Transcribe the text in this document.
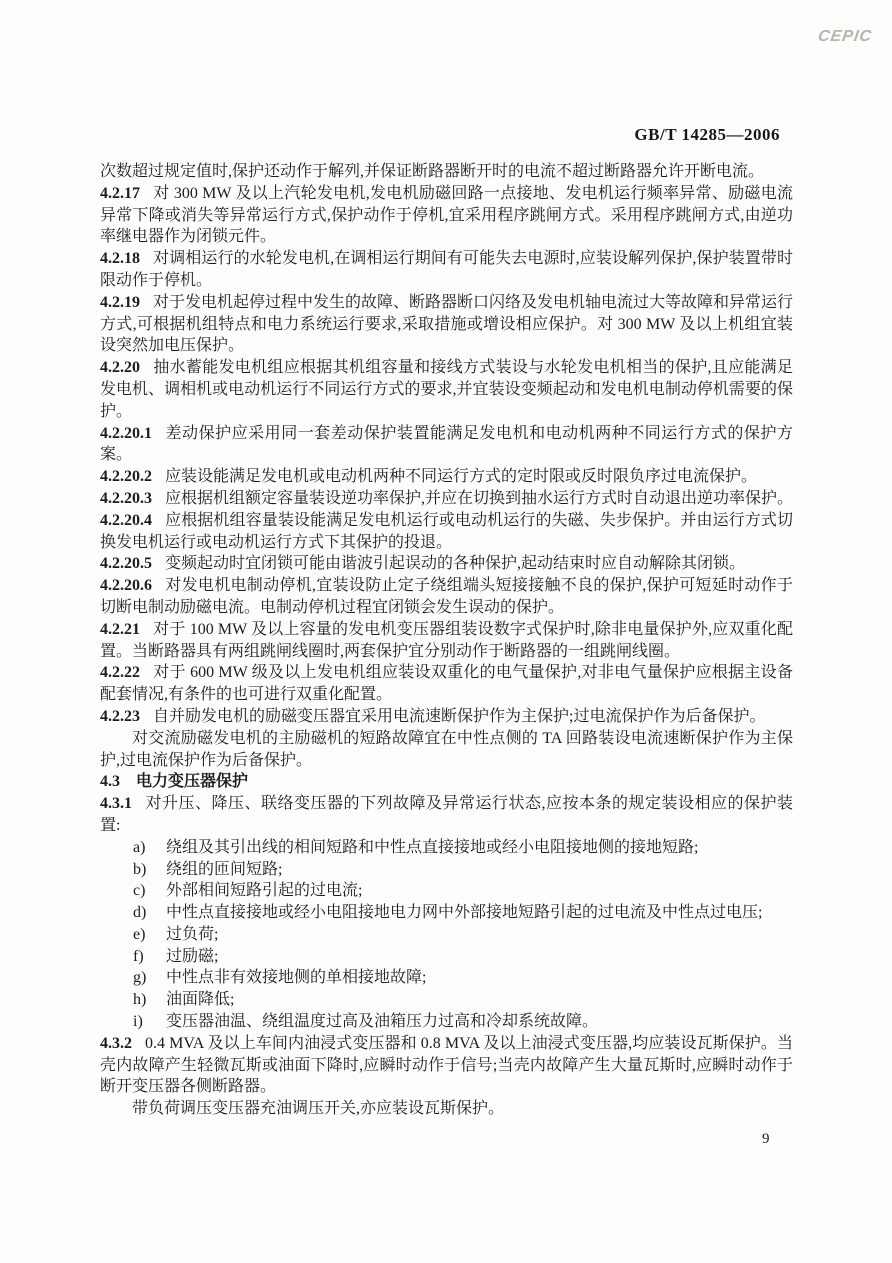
CEPIC
GB/T 14285—2006

次数超过规定值时,保护还动作于解列,并保证断路器断开时的电流不超过断路器允许开断电流。

4.2.17 对 300 MW 及以上汽轮发电机,发电机励磁回路一点接地、发电机运行频率异常、励磁电流异常下降或消失等异常运行方式,保护动作于停机,宜采用程序跳闸方式。采用程序跳闸方式,由逆功率继电器作为闭锁元件。

4.2.18 对调相运行的水轮发电机,在调相运行期间有可能失去电源时,应装设解列保护,保护装置带时限动作于停机。

4.2.19 对于发电机起停过程中发生的故障、断路器断口闪络及发电机轴电流过大等故障和异常运行方式,可根据机组特点和电力系统运行要求,采取措施或增设相应保护。对 300 MW 及以上机组宜装设突然加电压保护。

4.2.20 抽水蓄能发电机组应根据其机组容量和接线方式装设与水轮发电机相当的保护,且应能满足发电机、调相机或电动机运行不同运行方式的要求,并宜装设变频起动和发电机电制动停机需要的保护。

4.2.20.1 差动保护应采用同一套差动保护装置能满足发电机和电动机两种不同运行方式的保护方案。

4.2.20.2 应装设能满足发电机或电动机两种不同运行方式的定时限或反时限负序过电流保护。

4.2.20.3 应根据机组额定容量装设逆功率保护,并应在切换到抽水运行方式时自动退出逆功率保护。

4.2.20.4 应根据机组容量装设能满足发电机运行或电动机运行的失磁、失步保护。并由运行方式切换发电机运行或电动机运行方式下其保护的投退。

4.2.20.5 变频起动时宜闭锁可能由谐波引起误动的各种保护,起动结束时应自动解除其闭锁。

4.2.20.6 对发电机电制动停机,宜装设防止定子绕组端头短接接触不良的保护,保护可短延时动作于切断电制动励磁电流。电制动停机过程宜闭锁会发生误动的保护。

4.2.21 对于 100 MW 及以上容量的发电机变压器组装设数字式保护时,除非电量保护外,应双重化配置。当断路器具有两组跳闸线圈时,两套保护宜分别动作于断路器的一组跳闸线圈。

4.2.22 对于 600 MW 级及以上发电机组应装设双重化的电气量保护,对非电气量保护应根据主设备配套情况,有条件的也可进行双重化配置。

4.2.23 自并励发电机的励磁变压器宜采用电流速断保护作为主保护;过电流保护作为后备保护。

对交流励磁发电机的主励磁机的短路故障宜在中性点侧的 TA 回路装设电流速断保护作为主保护,过电流保护作为后备保护。

4.3 电力变压器保护

4.3.1 对升压、降压、联络变压器的下列故障及异常运行状态,应按本条的规定装设相应的保护装置:

a) 绕组及其引出线的相间短路和中性点直接接地或经小电阻接地侧的接地短路;

b) 绕组的匝间短路;

c) 外部相间短路引起的过电流;

d) 中性点直接接地或经小电阻接地电力网中外部接地短路引起的过电流及中性点过电压;

e) 过负荷;

f) 过励磁;

g) 中性点非有效接地侧的单相接地故障;

h) 油面降低;

i) 变压器油温、绕组温度过高及油箱压力过高和冷却系统故障。

4.3.2 0.4 MVA 及以上车间内油浸式变压器和 0.8 MVA 及以上油浸式变压器,均应装设瓦斯保护。当壳内故障产生轻微瓦斯或油面下降时,应瞬时动作于信号;当壳内故障产生大量瓦斯时,应瞬时动作于断开变压器各侧断路器。

带负荷调压变压器充油调压开关,亦应装设瓦斯保护。

9
